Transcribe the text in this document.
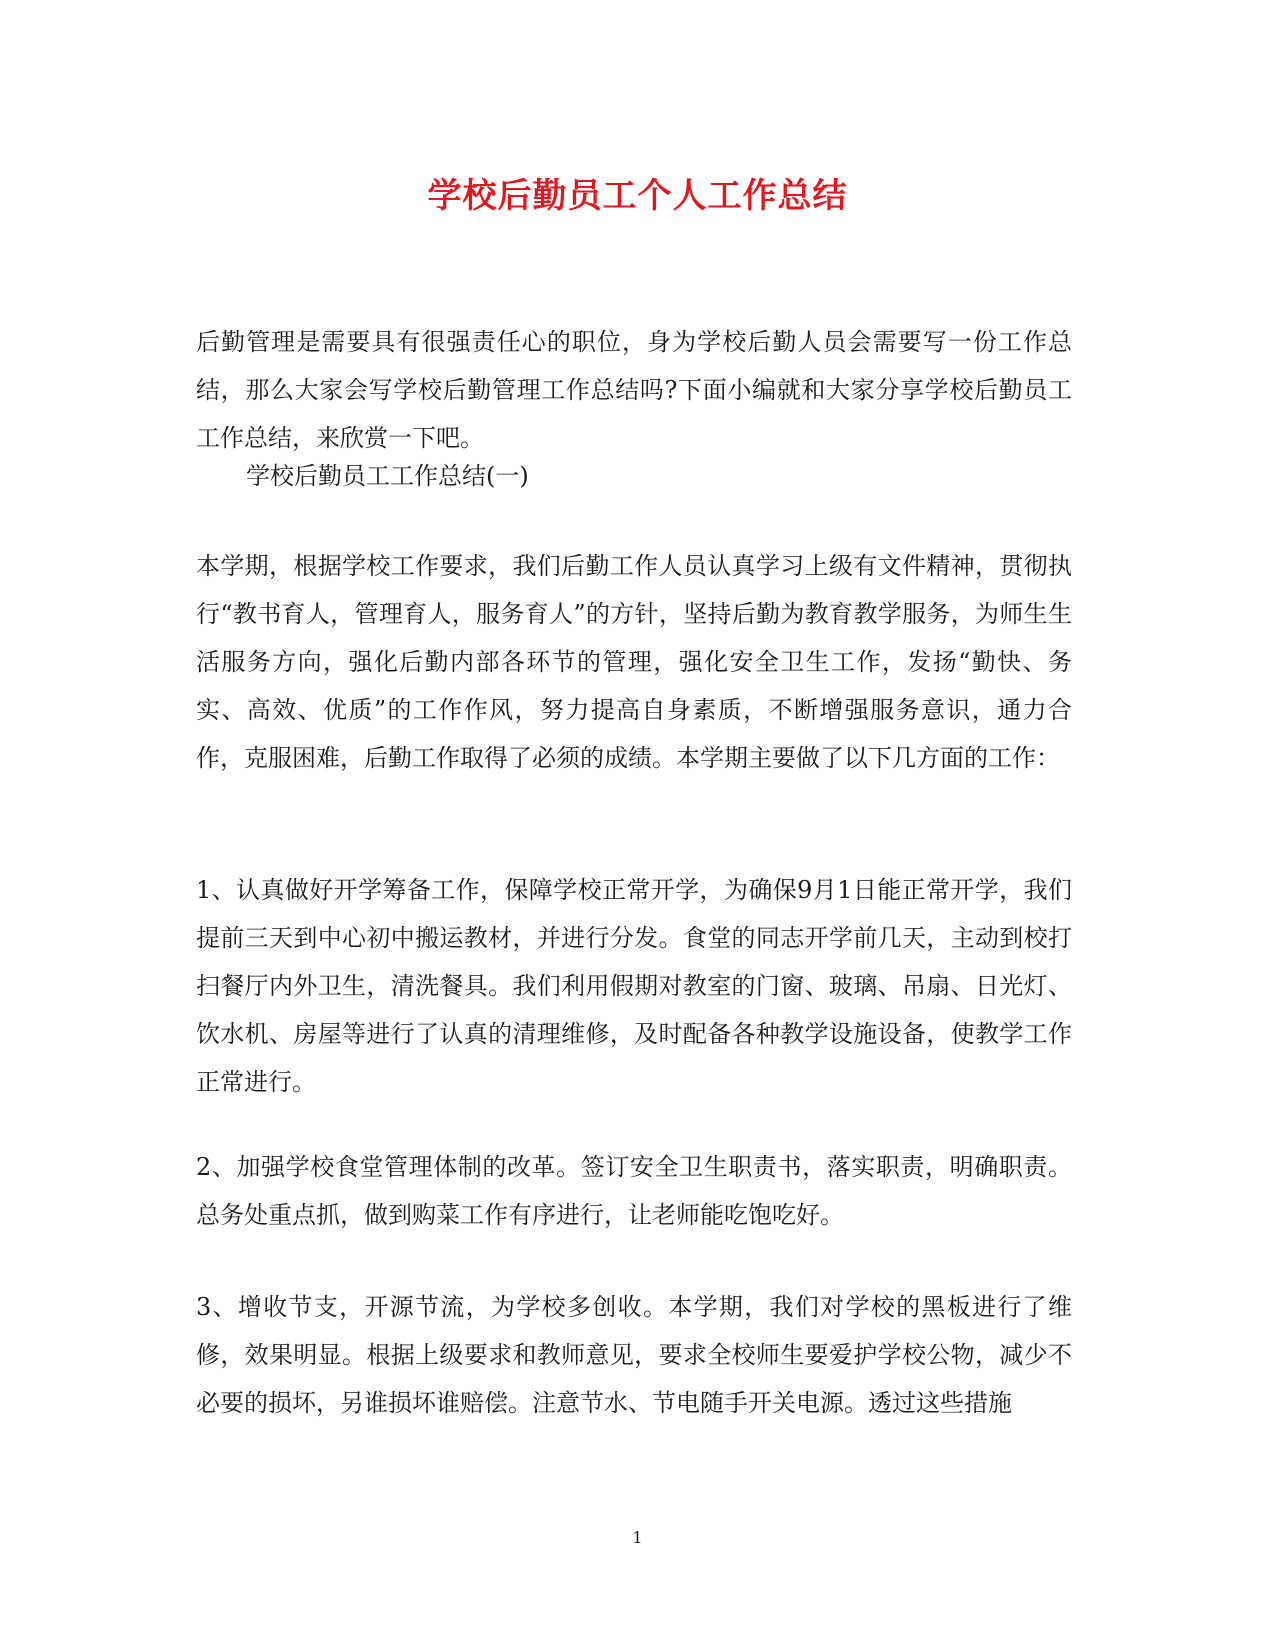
学校后勤员工个人工作总结

后勤管理是需要具有很强责任心的职位，身为学校后勤人员会需要写一份工作总结，那么大家会写学校后勤管理工作总结吗?下面小编就和大家分享学校后勤员工工作总结，来欣赏一下吧。

学校后勤员工工作总结(一)

本学期，根据学校工作要求，我们后勤工作人员认真学习上级有文件精神，贯彻执行“教书育人，管理育人，服务育人”的方针，坚持后勤为教育教学服务，为师生生活服务方向，强化后勤内部各环节的管理，强化安全卫生工作，发扬“勤快、务实、高效、优质”的工作作风，努力提高自身素质，不断增强服务意识，通力合作，克服困难，后勤工作取得了必须的成绩。本学期主要做了以下几方面的工作：

1、认真做好开学筹备工作，保障学校正常开学，为确保9月1日能正常开学，我们提前三天到中心初中搬运教材，并进行分发。食堂的同志开学前几天，主动到校打扫餐厅内外卫生，清洗餐具。我们利用假期对教室的门窗、玻璃、吊扇、日光灯、饮水机、房屋等进行了认真的清理维修，及时配备各种教学设施设备，使教学工作正常进行。

2、加强学校食堂管理体制的改革。签订安全卫生职责书，落实职责，明确职责。总务处重点抓，做到购菜工作有序进行，让老师能吃饱吃好。

3、增收节支，开源节流，为学校多创收。本学期，我们对学校的黑板进行了维修，效果明显。根据上级要求和教师意见，要求全校师生要爱护学校公物，减少不必要的损坏，另谁损坏谁赔偿。注意节水、节电随手开关电源。透过这些措施

1
